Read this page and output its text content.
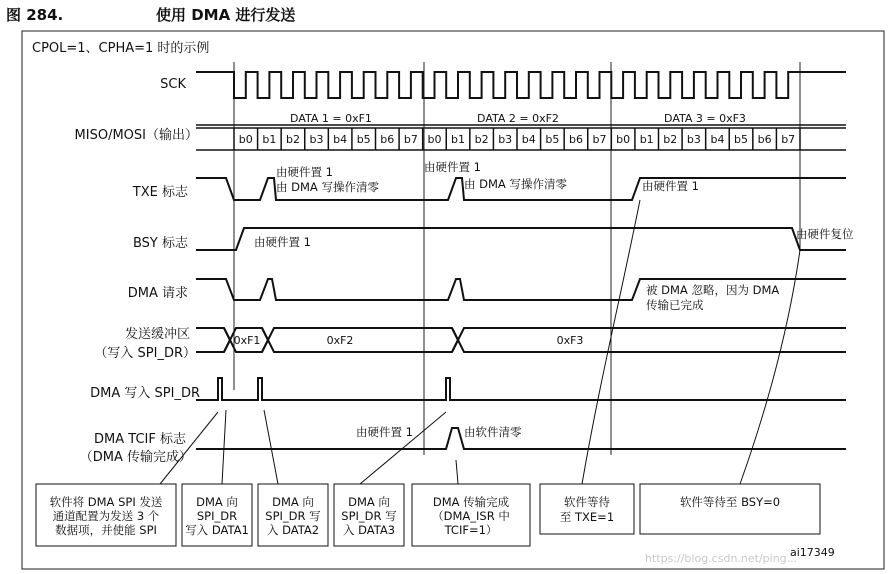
图 284.	使用 DMA 进行发送
CPOL=1、CPHA=1 时的示例
SCK
MISO/MOSI（输出）
TXE 标志
BSY 标志
DMA 请求
发送缓冲区
（写入 SPI_DR）
DMA 写入 SPI_DR
DMA TCIF 标志
（DMA 传输完成）
b0 b1 b2 b3 b4 b5 b6 b7 b0 b1 b2 b3 b4 b5 b6 b7 b0 b1 b2 b3 b4 b5 b6 b7
DATA 1 = 0xF1	DATA 2 = 0xF2	DATA 3 = 0xF3
由硬件置 1
由 DMA 写操作清零
由硬件置 1
由 DMA 写操作清零	由硬件置 1
由硬件置 1
由硬件复位
被 DMA 忽略，因为 DMA
传输已完成
0xF1	0xF2	0xF3
由硬件置 1	由软件清零
软件将 DMA SPI 发送
通道配置为发送 3 个
数据项，并使能 SPI
DMA 向
SPI_DR
写入 DATA1
DMA 向
SPI_DR 写
入 DATA2
DMA 向
SPI_DR 写
入 DATA3
DMA 传输完成
（DMA_ISR 中
TCIF=1）
软件等待
至 TXE=1
软件等待至 BSY=0
ai17349
https://blog.csdn.net/ping...
